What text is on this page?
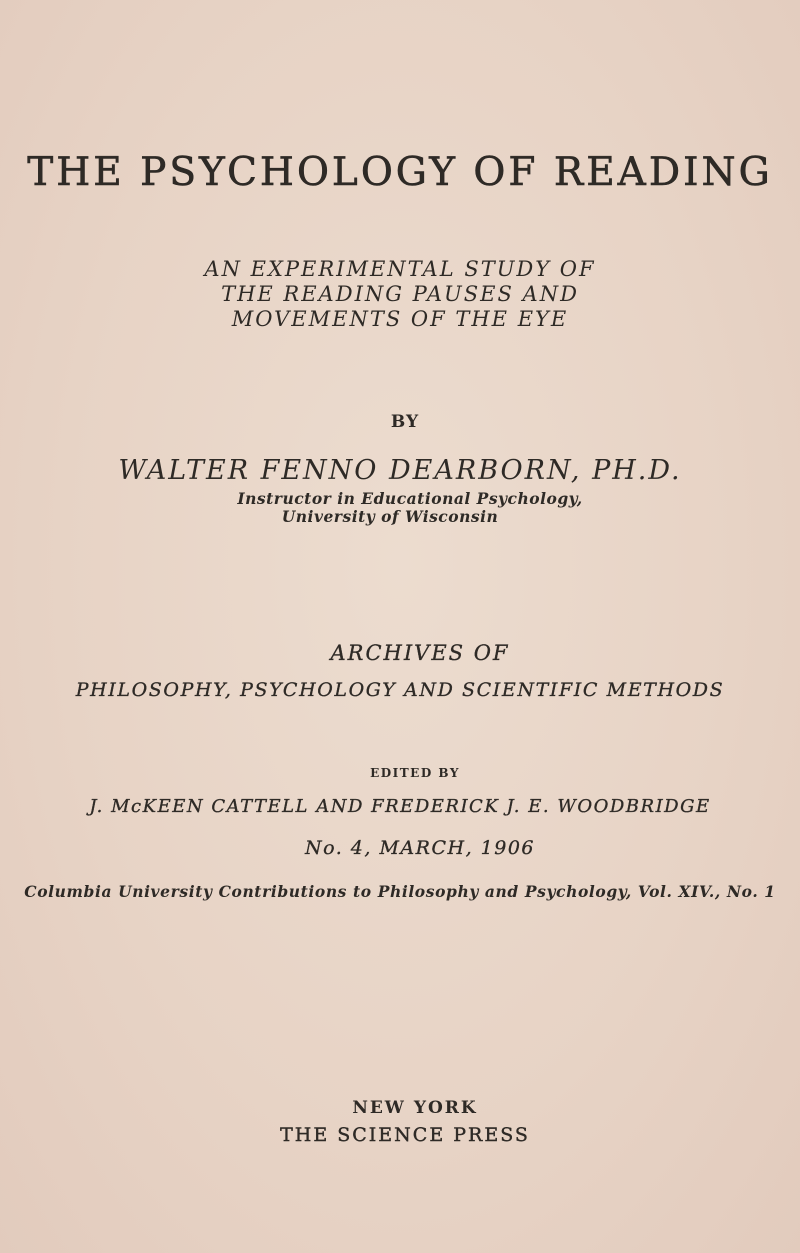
THE PSYCHOLOGY OF READING

AN EXPERIMENTAL STUDY OF

THE READING PAUSES AND

MOVEMENTS OF THE EYE

BY

WALTER FENNO DEARBORN, PH.D.

Instructor in Educational Psychology,

University of Wisconsin

ARCHIVES OF

PHILOSOPHY, PSYCHOLOGY AND SCIENTIFIC METHODS

EDITED BY

J. McKEEN CATTELL AND FREDERICK J. E. WOODBRIDGE

No. 4, MARCH, 1906

Columbia University Contributions to Philosophy and Psychology, Vol. XIV., No. 1

NEW YORK

THE SCIENCE PRESS
